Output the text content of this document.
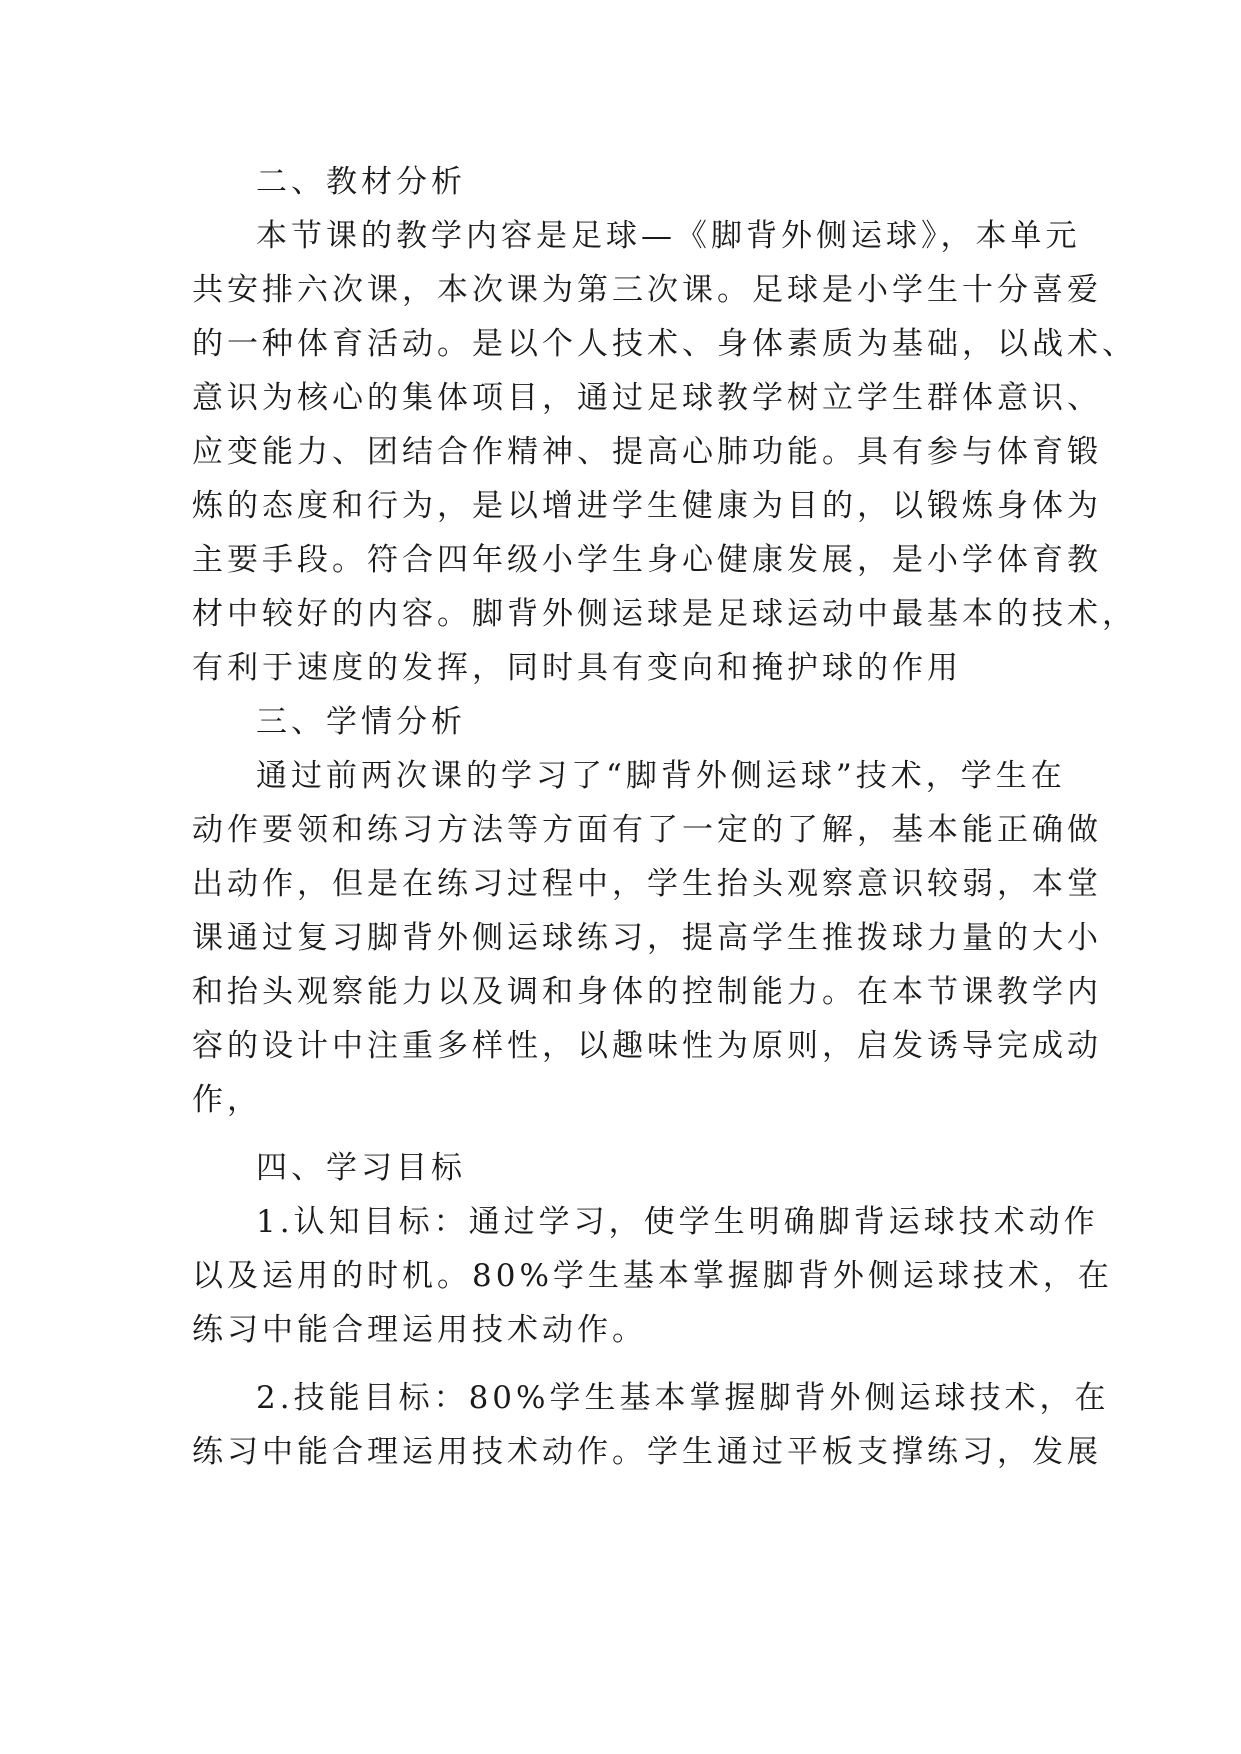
二、教材分析
本节课的教学内容是足球—《脚背外侧运球》，本单元
共安排六次课，本次课为第三次课。足球是小学生十分喜爱
的一种体育活动。是以个人技术、身体素质为基础，以战术、
意识为核心的集体项目，通过足球教学树立学生群体意识、
应变能力、团结合作精神、提高心肺功能。具有参与体育锻
炼的态度和行为，是以增进学生健康为目的，以锻炼身体为
主要手段。符合四年级小学生身心健康发展，是小学体育教
材中较好的内容。脚背外侧运球是足球运动中最基本的技术，
有利于速度的发挥，同时具有变向和掩护球的作用
三、学情分析
通过前两次课的学习了“脚背外侧运球”技术，学生在
动作要领和练习方法等方面有了一定的了解，基本能正确做
出动作，但是在练习过程中，学生抬头观察意识较弱，本堂
课通过复习脚背外侧运球练习，提高学生推拨球力量的大小
和抬头观察能力以及调和身体的控制能力。在本节课教学内
容的设计中注重多样性，以趣味性为原则，启发诱导完成动
作，
四、学习目标
1.认知目标：通过学习，使学生明确脚背运球技术动作
以及运用的时机。80%学生基本掌握脚背外侧运球技术，在
练习中能合理运用技术动作。
2.技能目标：80%学生基本掌握脚背外侧运球技术，在
练习中能合理运用技术动作。学生通过平板支撑练习，发展
